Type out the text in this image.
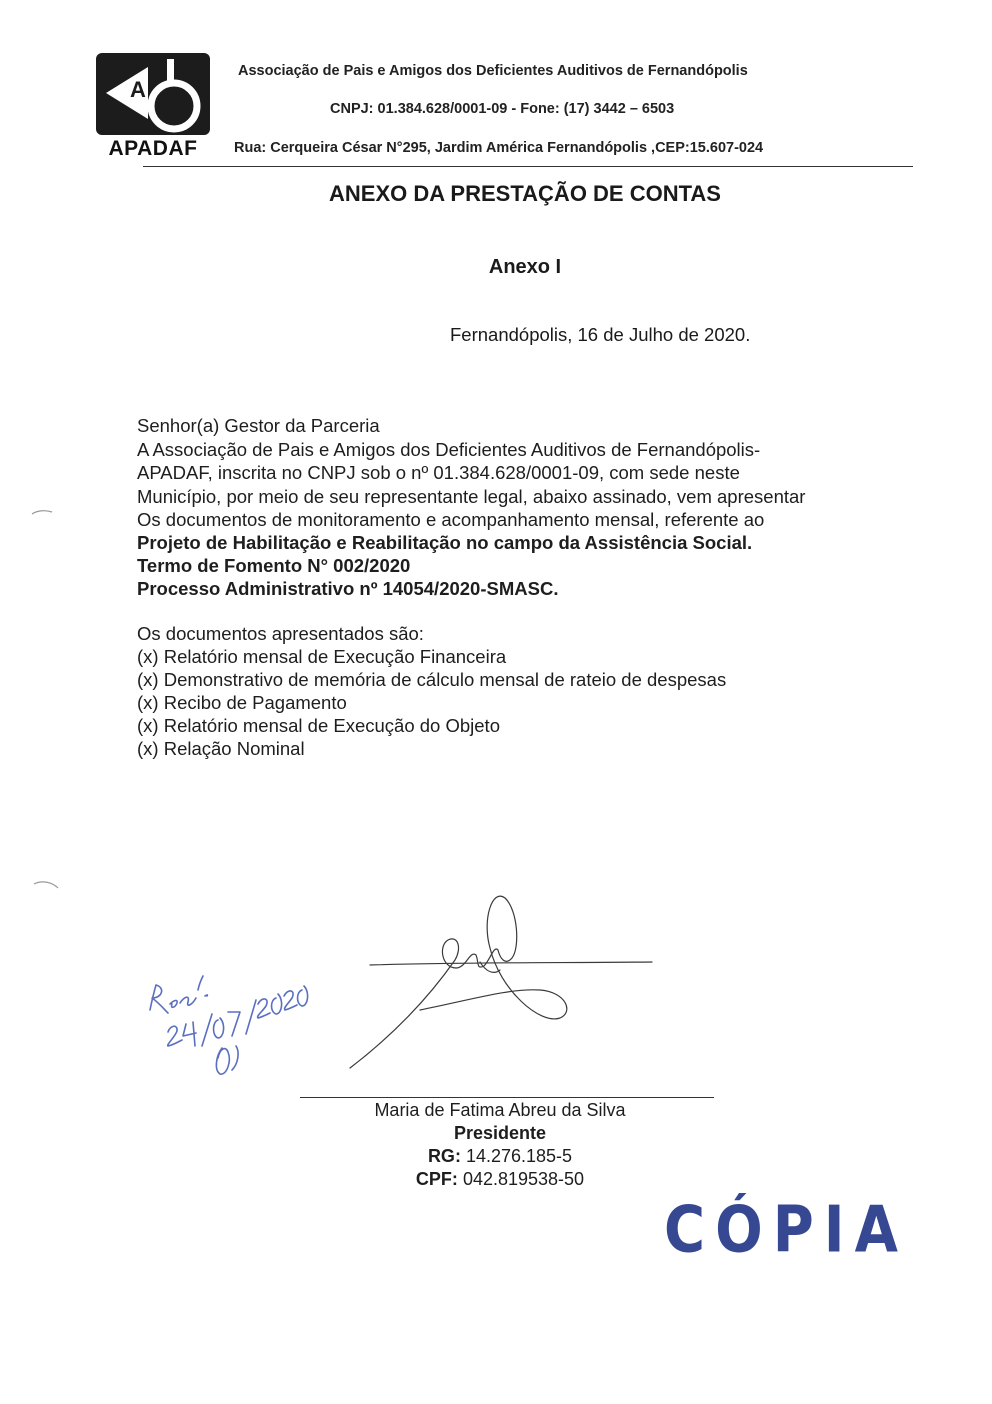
A
APADAF
Associação de Pais e Amigos dos Deficientes Auditivos de Fernandópolis
CNPJ: 01.384.628/0001-09 - Fone: (17) 3442 – 6503
Rua: Cerqueira César N°295, Jardim América Fernandópolis ,CEP:15.607-024
ANEXO DA PRESTAÇÃO DE CONTAS
Anexo I
Fernandópolis, 16 de Julho de 2020.
Senhor(a) Gestor da Parceria
A Associação de Pais e Amigos dos Deficientes Auditivos de Fernandópolis-
APADAF, inscrita no CNPJ sob o nº 01.384.628/0001-09, com sede neste
Município, por meio de seu representante legal, abaixo assinado, vem apresentar
Os documentos de monitoramento e acompanhamento mensal, referente ao
Projeto de Habilitação e Reabilitação no campo da Assistência Social.
Termo de Fomento N° 002/2020
Processo Administrativo nº 14054/2020-SMASC.
Os documentos apresentados são:
(x) Relatório mensal de Execução Financeira
(x) Demonstrativo de memória de cálculo mensal de rateio de despesas
(x) Recibo de Pagamento
(x) Relatório mensal de Execução do Objeto
(x) Relação Nominal
Maria de Fatima Abreu da Silva
Presidente
RG: 14.276.185-5
CPF: 042.819538-50
CÓPIA
